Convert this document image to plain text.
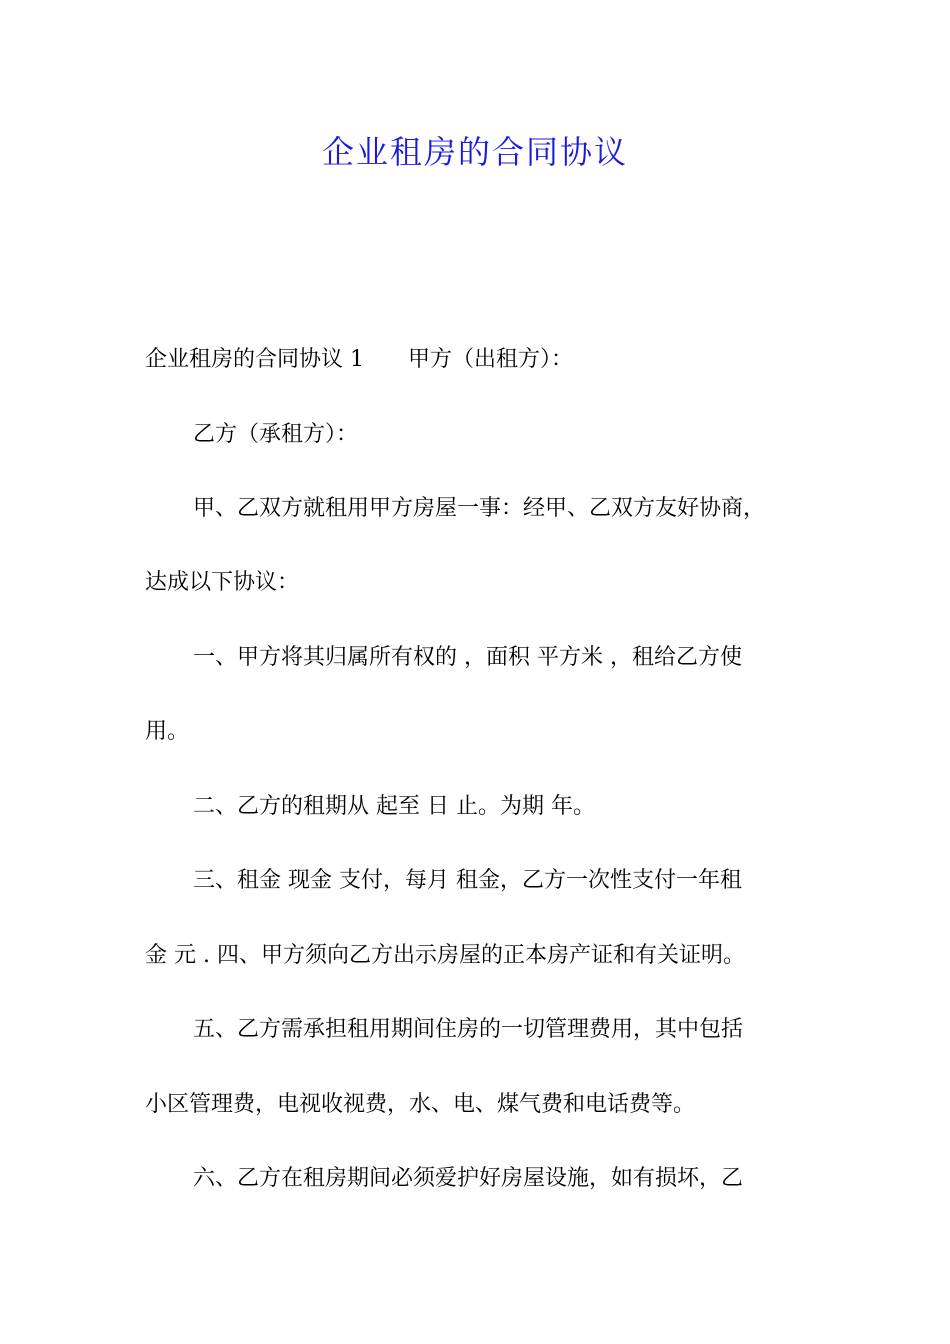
企业租房的合同协议

企业租房的合同协议 1　　甲方（出租方）：

乙方（承租方）：

甲、乙双方就租用甲方房屋一事：经甲、乙双方友好协商，

达成以下协议：

一、甲方将其归属所有权的 ，面积 平方米 ，租给乙方使

用。

二、乙方的租期从 起至 日 止。为期 年。

三、租金 现金 支付，每月 租金，乙方一次性支付一年租

金 元 . 四、甲方须向乙方出示房屋的正本房产证和有关证明。

五、乙方需承担租用期间住房的一切管理费用，其中包括

小区管理费，电视收视费，水、电、煤气费和电话费等。

六、乙方在租房期间必须爱护好房屋设施，如有损坏，乙
